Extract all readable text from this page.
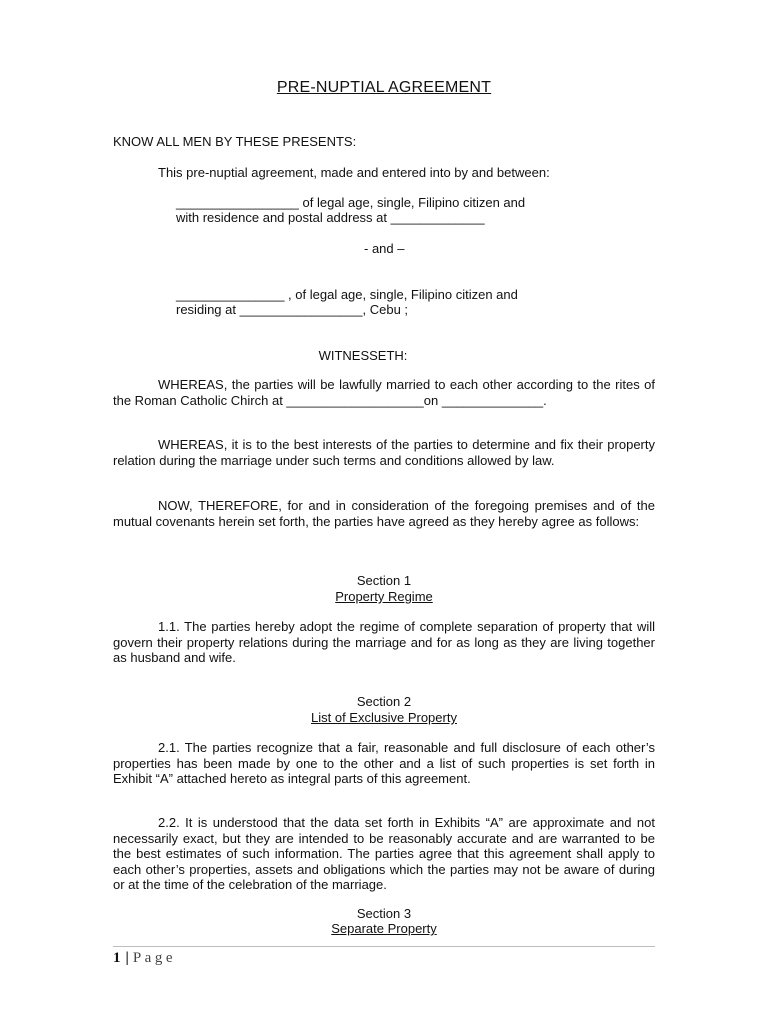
PRE-NUPTIAL AGREEMENT
KNOW ALL MEN BY THESE PRESENTS:
This pre-nuptial agreement, made and entered into by and between:
_________________ of legal age, single, Filipino citizen and
with residence and postal address at _____________
- and –
_______________ , of legal age, single, Filipino citizen and
residing at _________________, Cebu ;
WITNESSETH:
WHEREAS, the parties will be lawfully married to each other according to the rites of the Roman Catholic Chirch at ___________________on ______________.
WHEREAS, it is to the best interests of the parties to determine and fix their property relation during the marriage under such terms and conditions allowed by law.
NOW, THEREFORE, for and in consideration of the foregoing premises and of the mutual covenants herein set forth, the parties have agreed as they hereby agree as follows:
Section 1
Property Regime
1.1. The parties hereby adopt the regime of complete separation of property that will govern their property relations during the marriage and for as long as they are living together as husband and wife.
Section 2
List of Exclusive Property
2.1. The parties recognize that a fair, reasonable and full disclosure of each other’s properties has been made by one to the other and a list of such properties is set forth in Exhibit “A” attached hereto as integral parts of this agreement.
2.2. It is understood that the data set forth in Exhibits “A” are approximate and not necessarily exact, but they are intended to be reasonably accurate and are warranted to be the best estimates of such information. The parties agree that this agreement shall apply to each other’s properties, assets and obligations which the parties may not be aware of during or at the time of the celebration of the marriage.
Section 3
Separate Property
1 | Page
